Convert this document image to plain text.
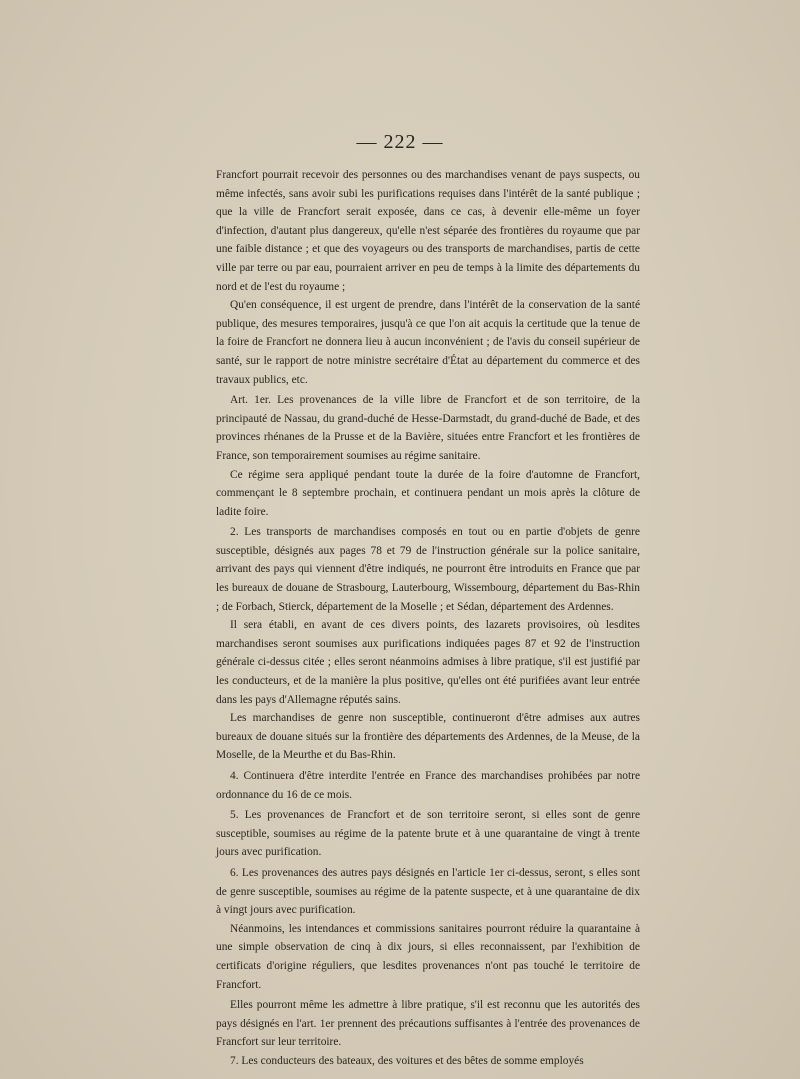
— 222 —

Francfort pourrait recevoir des personnes ou des marchandises venant de pays suspects, ou même infectés, sans avoir subi les purifications requises dans l'intérêt de la santé publique ; que la ville de Francfort serait exposée, dans ce cas, à devenir elle-même un foyer d'infection, d'autant plus dangereux, qu'elle n'est séparée des frontières du royaume que par une faible distance ; et que des voyageurs ou des transports de marchandises, partis de cette ville par terre ou par eau, pourraient arriver en peu de temps à la limite des départements du nord et de l'est du royaume ;

Qu'en conséquence, il est urgent de prendre, dans l'intérêt de la conservation de la santé publique, des mesures temporaires, jusqu'à ce que l'on ait acquis la certitude que la tenue de la foire de Francfort ne donnera lieu à aucun inconvénient ; de l'avis du conseil supérieur de santé, sur le rapport de notre ministre secrétaire d'État au département du commerce et des travaux publics, etc.

Art. 1er. Les provenances de la ville libre de Francfort et de son territoire, de la principauté de Nassau, du grand-duché de Hesse-Darmstadt, du grand-duché de Bade, et des provinces rhénanes de la Prusse et de la Bavière, situées entre Francfort et les frontières de France, son temporairement soumises au régime sanitaire.

Ce régime sera appliqué pendant toute la durée de la foire d'automne de Francfort, commençant le 8 septembre prochain, et continuera pendant un mois après la clôture de ladite foire.

2. Les transports de marchandises composés en tout ou en partie d'objets de genre susceptible, désignés aux pages 78 et 79 de l'instruction générale sur la police sanitaire, arrivant des pays qui viennent d'être indiqués, ne pourront être introduits en France que par les bureaux de douane de Strasbourg, Lauterbourg, Wissembourg, département du Bas-Rhin ; de Forbach, Stierck, département de la Moselle ; et Sédan, département des Ardennes.

Il sera établi, en avant de ces divers points, des lazarets provisoires, où lesdites marchandises seront soumises aux purifications indiquées pages 87 et 92 de l'instruction générale ci-dessus citée ; elles seront néanmoins admises à libre pratique, s'il est justifié par les conducteurs, et de la manière la plus positive, qu'elles ont été purifiées avant leur entrée dans les pays d'Allemagne réputés sains.

Les marchandises de genre non susceptible, continueront d'être admises aux autres bureaux de douane situés sur la frontière des départements des Ardennes, de la Meuse, de la Moselle, de la Meurthe et du Bas-Rhin.

4. Continuera d'être interdite l'entrée en France des marchandises prohibées par notre ordonnance du 16 de ce mois.

5. Les provenances de Francfort et de son territoire seront, si elles sont de genre susceptible, soumises au régime de la patente brute et à une quarantaine de vingt à trente jours avec purification.

6. Les provenances des autres pays désignés en l'article 1er ci-dessus, seront, s elles sont de genre susceptible, soumises au régime de la patente suspecte, et à une quarantaine de dix à vingt jours avec purification.

Néanmoins, les intendances et commissions sanitaires pourront réduire la quarantaine à une simple observation de cinq à dix jours, si elles reconnaissent, par l'exhibition de certificats d'origine réguliers, que lesdites provenances n'ont pas touché le territoire de Francfort.

Elles pourront même les admettre à libre pratique, s'il est reconnu que les autorités des pays désignés en l'art. 1er prennent des précautions suffisantes à l'entrée des provenances de Francfort sur leur territoire.

7. Les conducteurs des bateaux, des voitures et des bêtes de somme employés
